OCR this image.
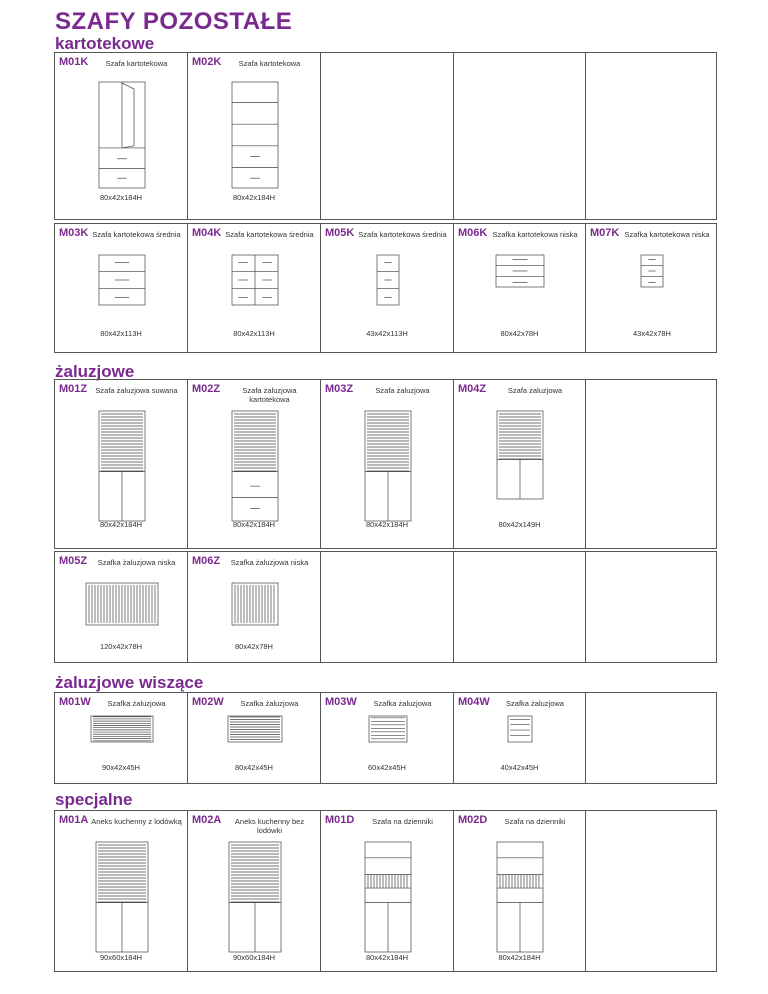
SZAFY POZOSTAŁE
kartotekowe
żaluzjowe
żaluzjowe wiszące
specjalne
M01K	Szafa kartotekowa
80x42x184H
M02K	Szafa kartotekowa
80x42x184H
M03K Szafa kartotekowa średnia
80x42x113H
M04K Szafa kartotekowa średnia
80x42x113H
M05K Szafa kartotekowa średnia
43x42x113H
M06K Szafka kartotekowa niska
80x42x78H
M07K Szafka kartotekowa niska
43x42x78H
M01Z	Szafa żaluzjowa suwana
80x42x184H
M02Z	Szafa żaluzjowa kartotekowa
80x42x184H
M03Z	Szafa żaluzjowa
80x42x184H
M04Z	Szafa żaluzjowa
80x42x149H
M05Z	Szafka żaluzjowa niska
120x42x78H
M06Z	Szafka żaluzjowa niska
80x42x78H
M01W	Szafka żaluzjowa
90x42x45H
M02W	Szafka żaluzjowa
80x42x45H
M03W	Szafka żaluzjowa
60x42x45H
M04W	Szafka żaluzjowa
40x42x45H
M01A Aneks kuchenny z lodówką
90x60x184H
M02A	Aneks kuchenny bez lodówki
90x60x184H
M01D	Szafa na dzienniki
80x42x184H
M02D	Szafa na dzienniki
80x42x184H
